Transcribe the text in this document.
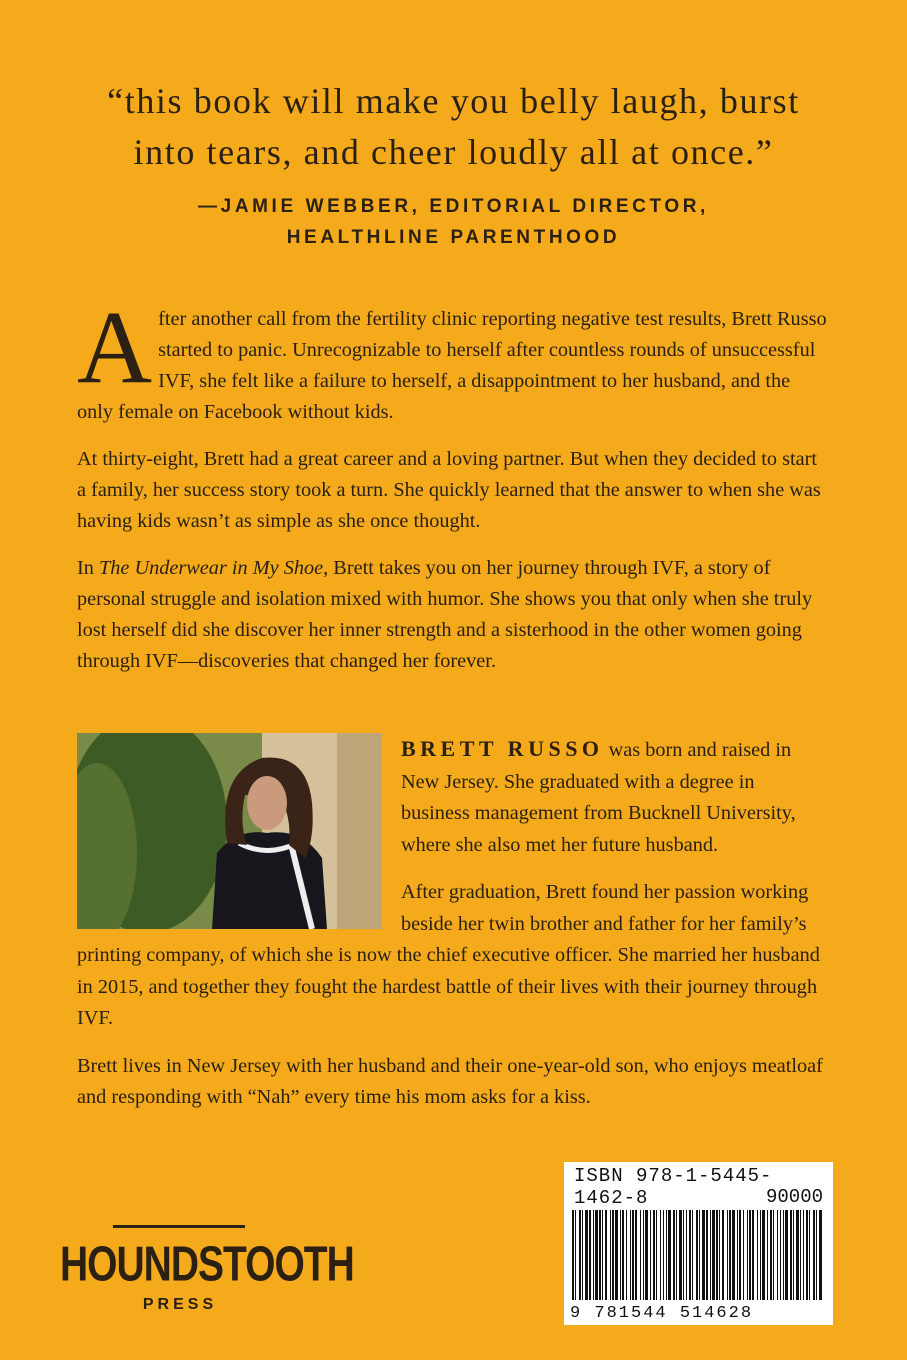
“this book will make you belly laugh, burst
into tears, and cheer loudly all at once.”
—JAMIE WEBBER, EDITORIAL DIRECTOR,
HEALTHLINE PARENTHOOD

After another call from the fertility clinic reporting negative test results, Brett Russo started to panic. Unrecognizable to herself after countless rounds of unsuccessful IVF, she felt like a failure to herself, a disappointment to her husband, and the only female on Facebook without kids.

At thirty-eight, Brett had a great career and a loving partner. But when they decided to start a family, her success story took a turn. She quickly learned that the answer to when she was having kids wasn’t as simple as she once thought.

In The Underwear in My Shoe, Brett takes you on her journey through IVF, a story of personal struggle and isolation mixed with humor. She shows you that only when she truly lost herself did she discover her inner strength and a sisterhood in the other women going through IVF—discoveries that changed her forever.

BRETT RUSSO was born and raised in New Jersey. She graduated with a degree in business management from Bucknell University, where she also met her future husband.

After graduation, Brett found her passion working beside her twin brother and father for her family’s printing company, of which she is now the chief executive officer. She married her husband in 2015, and together they fought the hardest battle of their lives with their journey through IVF.

Brett lives in New Jersey with her husband and their one-year-old son, who enjoys meatloaf and responding with “Nah” every time his mom asks for a kiss.

ISBN 978-1-5445-1462-8	90000
9 781544 514628
HOUNDSTOOTH
PRESS
